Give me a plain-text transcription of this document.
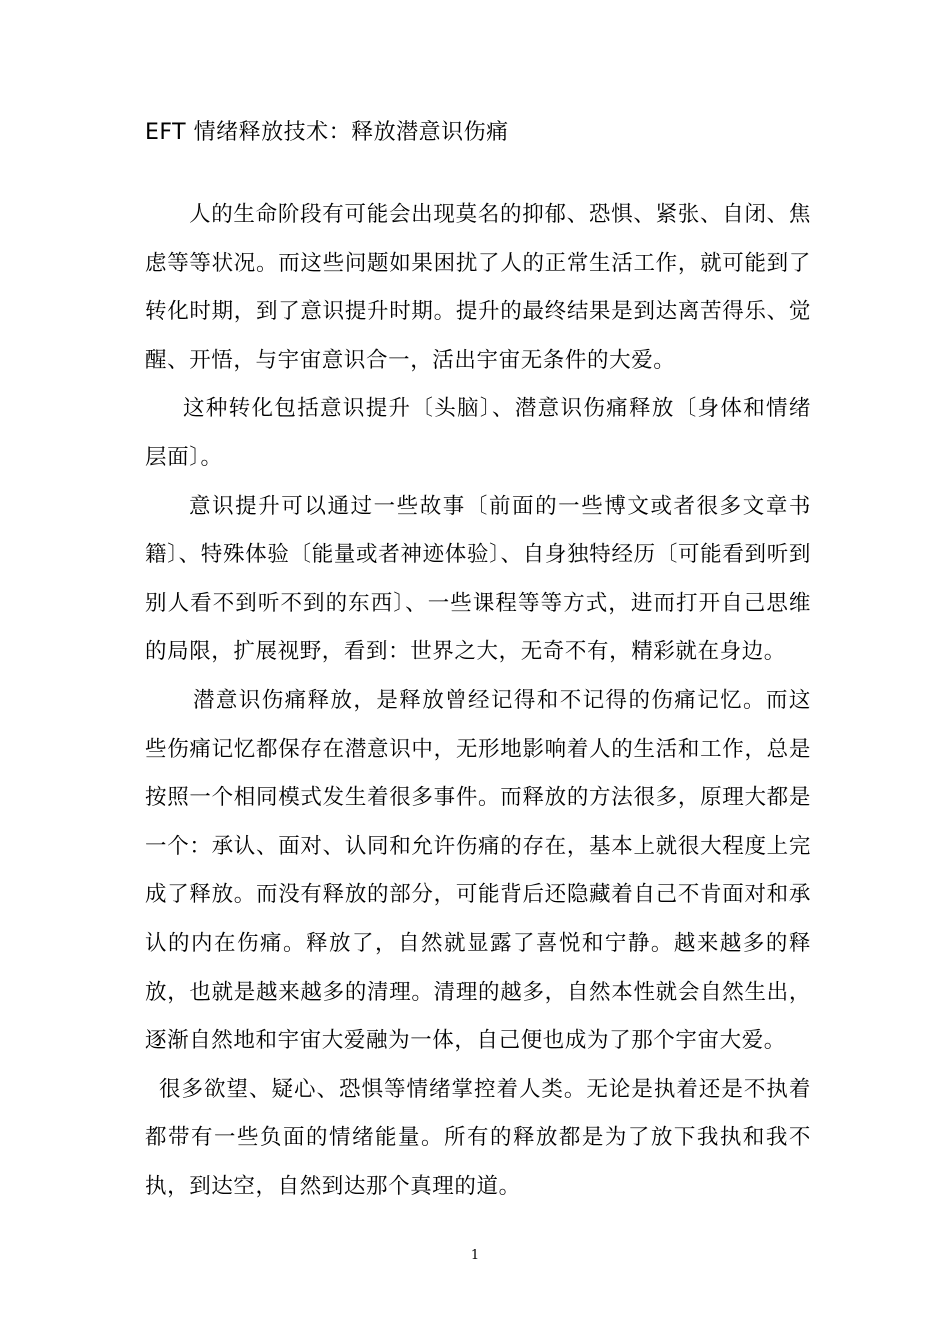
EFT 情绪释放技术：释放潜意识伤痛

人的生命阶段有可能会出现莫名的抑郁、恐惧、紧张、自闭、焦虑等等状况。而这些问题如果困扰了人的正常生活工作，就可能到了转化时期，到了意识提升时期。提升的最终结果是到达离苦得乐、觉醒、开悟，与宇宙意识合一，活出宇宙无条件的大爱。

这种转化包括意识提升〔头脑〕、潜意识伤痛释放〔身体和情绪层面〕。

意识提升可以通过一些故事〔前面的一些博文或者很多文章书籍〕、特殊体验〔能量或者神迹体验〕、自身独特经历〔可能看到听到别人看不到听不到的东西〕、一些课程等等方式，进而打开自己思维的局限，扩展视野，看到：世界之大，无奇不有，精彩就在身边。

潜意识伤痛释放，是释放曾经记得和不记得的伤痛记忆。而这些伤痛记忆都保存在潜意识中，无形地影响着人的生活和工作，总是按照一个相同模式发生着很多事件。而释放的方法很多，原理大都是一个：承认、面对、认同和允许伤痛的存在，基本上就很大程度上完成了释放。而没有释放的部分，可能背后还隐藏着自己不肯面对和承认的内在伤痛。释放了，自然就显露了喜悦和宁静。越来越多的释放，也就是越来越多的清理。清理的越多，自然本性就会自然生出，逐渐自然地和宇宙大爱融为一体，自己便也成为了那个宇宙大爱。

很多欲望、疑心、恐惧等情绪掌控着人类。无论是执着还是不执着都带有一些负面的情绪能量。所有的释放都是为了放下我执和我不执，到达空，自然到达那个真理的道。

1
